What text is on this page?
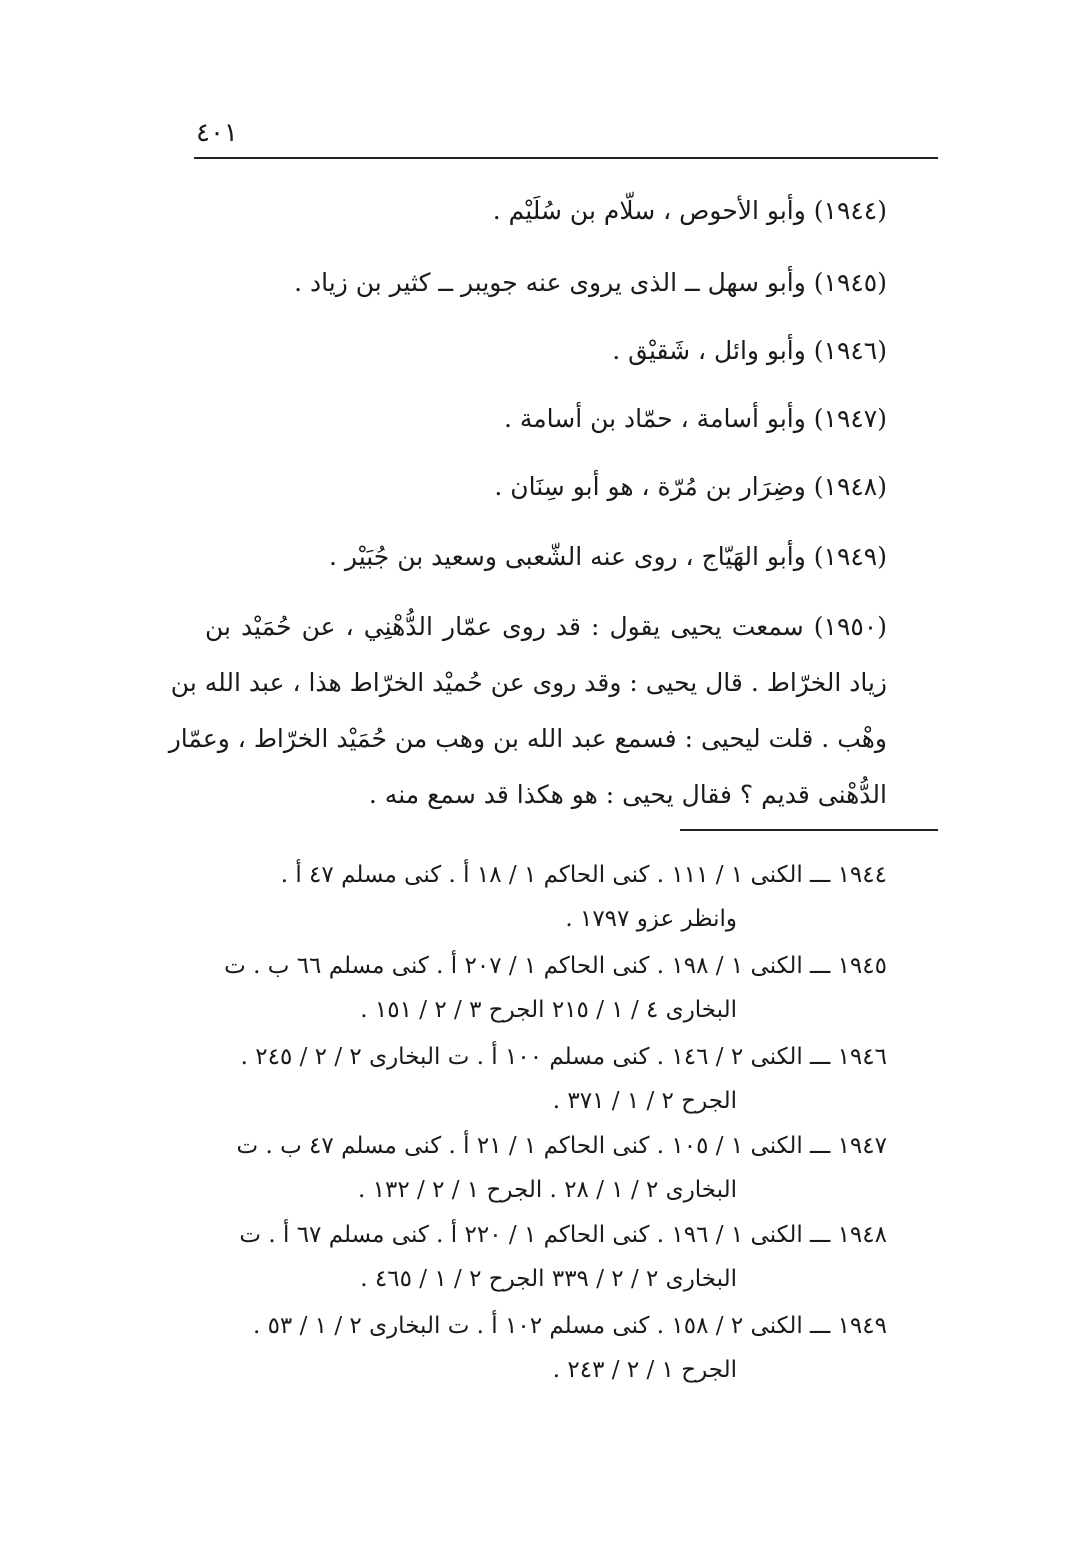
٤٠١
(١٩٤٤) وأبو الأحوص ، سلّام بن سُلَيْم .
(١٩٤٥) وأبو سهل ــ الذى يروى عنه جويبر ــ كثير بن زياد .
(١٩٤٦) وأبو وائل ، شَقيْق .
(١٩٤٧) وأبو أسامة ، حمّاد بن أسامة .
(١٩٤٨) وضِرَار بن مُرّة ، هو أبو سِنَان .
(١٩٤٩) وأبو الهَيّاج ، روى عنه الشّعبى وسعيد بن جُبَيْر .
(١٩٥٠) سمعت يحيى يقول : قد روى عمّار الدُّهْنِي ، عن حُمَيْد بن
زياد الخرّاط . قال يحيى : وقد روى عن حُميْد الخرّاط هذا ، عبد الله بن
وهْب . قلت ليحيى : فسمع عبد الله بن وهب من حُمَيْد الخرّاط ، وعمّار
الدُّهْنى قديم ؟ فقال يحيى : هو هكذا قد سمع منه .
١٩٤٤ ـــ الكنى ١ / ١١١ . كنى الحاكم ١ / ١٨ أ . كنى مسلم ٤٧ أ .
وانظر عزو ١٧٩٧ .
١٩٤٥ ـــ الكنى ١ / ١٩٨ . كنى الحاكم ١ / ٢٠٧ أ . كنى مسلم ٦٦ ب . ت
البخارى ٤ / ١ / ٢١٥ الجرح ٣ / ٢ / ١٥١ .
١٩٤٦ ـــ الكنى ٢ / ١٤٦ . كنى مسلم ١٠٠ أ . ت البخارى ٢ / ٢ / ٢٤٥ .
الجرح ٢ / ١ / ٣٧١ .
١٩٤٧ ـــ الكنى ١ / ١٠٥ . كنى الحاكم ١ / ٢١ أ . كنى مسلم ٤٧ ب . ت
البخارى ٢ / ١ / ٢٨ . الجرح ١ / ٢ / ١٣٢ .
١٩٤٨ ـــ الكنى ١ / ١٩٦ . كنى الحاكم ١ / ٢٢٠ أ . كنى مسلم ٦٧ أ . ت
البخارى ٢ / ٢ / ٣٣٩ الجرح ٢ / ١ / ٤٦٥ .
١٩٤٩ ـــ الكنى ٢ / ١٥٨ . كنى مسلم ١٠٢ أ . ت البخارى ٢ / ١ / ٥٣ .
الجرح ١ / ٢ / ٢٤٣ .
